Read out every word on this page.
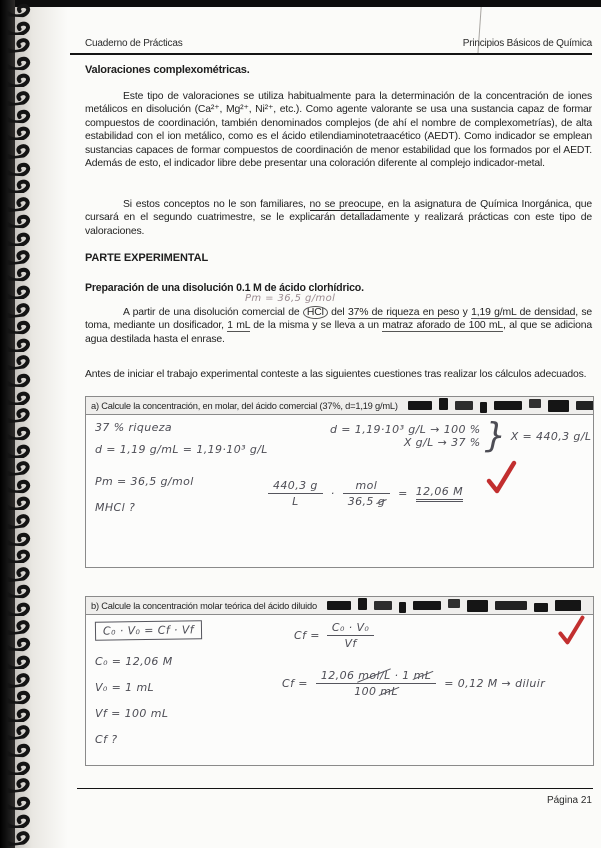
Cuaderno de Prácticas	Principios Básicos de Química
Valoraciones complexométricas.
Este tipo de valoraciones se utiliza habitualmente para la determinación de la concentración de iones metálicos en disolución (Ca²⁺, Mg²⁺, Ni²⁺, etc.). Como agente valorante se usa una sustancia capaz de formar compuestos de coordinación, también denominados complejos (de ahí el nombre de complexometrías), de alta estabilidad con el ion metálico, como es el ácido etilendiaminotetraacético (AEDT). Como indicador se emplean sustancias capaces de formar compuestos de coordinación de menor estabilidad que los formados por el AEDT. Además de esto, el indicador libre debe presentar una coloración diferente al complejo indicador-metal.
Si estos conceptos no le son familiares, no se preocupe, en la asignatura de Química Inorgánica, que cursará en el segundo cuatrimestre, se le explicarán detalladamente y realizará prácticas con este tipo de valoraciones.
PARTE EXPERIMENTAL
Preparación de una disolución 0.1 M de ácido clorhídrico.
Pm = 36,5 g/mol
A partir de una disolución comercial de HCl del 37% de riqueza en peso y 1,19 g/mL de densidad, se toma, mediante un dosificador, 1 mL de la misma y se lleva a un matraz aforado de 100 mL, al que se adiciona agua destilada hasta el enrase.
Antes de iniciar el trabajo experimental conteste a las siguientes cuestiones tras realizar los cálculos adecuados.
a) Calcule la concentración, en molar, del ácido comercial (37%, d=1,19 g/mL)
37 % riqueza
d = 1,19 g/mL = 1,19·10³ g/L
Pm = 36,5 g/mol
MHCl ?
d = 1,19·10³ g/L → 100 %
X g/L → 37 % } X = 440,3 g/L
$\frac{440,3 g}{L} \cdot \frac{\text{mol}}{36,5 g} = 12,06$ M
b) Calcule la concentración molar teórica del ácido diluido
C₀ · V₀ = Cf · Vf
C₀ = 12,06 M
V₀ = 1 mL
Vf = 100 mL
Cf ?
$Cf = \frac{\text{C₀ · V₀}}{Vf}$
$Cf = \frac{\text{12,06 mol/L · 1 mL}}{100 mL} = 0,12$ M → diluir
Página 21
